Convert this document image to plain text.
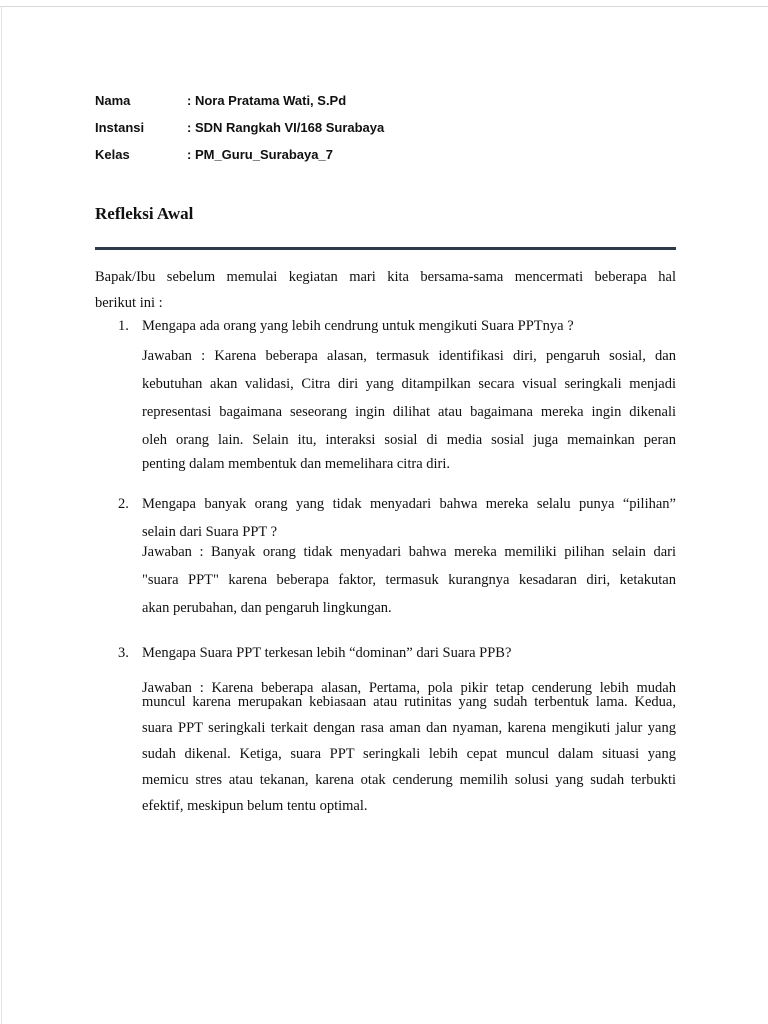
Nama	: Nora Pratama Wati, S.Pd
Instansi	: SDN Rangkah VI/168 Surabaya
Kelas	: PM_Guru_Surabaya_7
Refleksi Awal
Bapak/Ibu sebelum memulai kegiatan mari kita bersama-sama mencermati beberapa hal
berikut ini :
1. Mengapa ada orang yang lebih cendrung untuk mengikuti Suara PPTnya ?
Jawaban : Karena beberapa alasan, termasuk identifikasi diri, pengaruh sosial, dan
kebutuhan akan validasi, Citra diri yang ditampilkan secara visual seringkali menjadi
representasi bagaimana seseorang ingin dilihat atau bagaimana mereka ingin dikenali
oleh orang lain. Selain itu, interaksi sosial di media sosial juga memainkan peran
penting dalam membentuk dan memelihara citra diri.
2. Mengapa banyak orang yang tidak menyadari bahwa mereka selalu punya “pilihan”
selain dari Suara PPT ?
Jawaban : Banyak orang tidak menyadari bahwa mereka memiliki pilihan selain dari
"suara PPT" karena beberapa faktor, termasuk kurangnya kesadaran diri, ketakutan
akan perubahan, dan pengaruh lingkungan.
3. Mengapa Suara PPT terkesan lebih “dominan” dari Suara PPB?
Jawaban : Karena beberapa alasan, Pertama, pola pikir tetap cenderung lebih mudah
muncul karena merupakan kebiasaan atau rutinitas yang sudah terbentuk lama. Kedua,
suara PPT seringkali terkait dengan rasa aman dan nyaman, karena mengikuti jalur yang
sudah dikenal. Ketiga, suara PPT seringkali lebih cepat muncul dalam situasi yang
memicu stres atau tekanan, karena otak cenderung memilih solusi yang sudah terbukti
efektif, meskipun belum tentu optimal.
